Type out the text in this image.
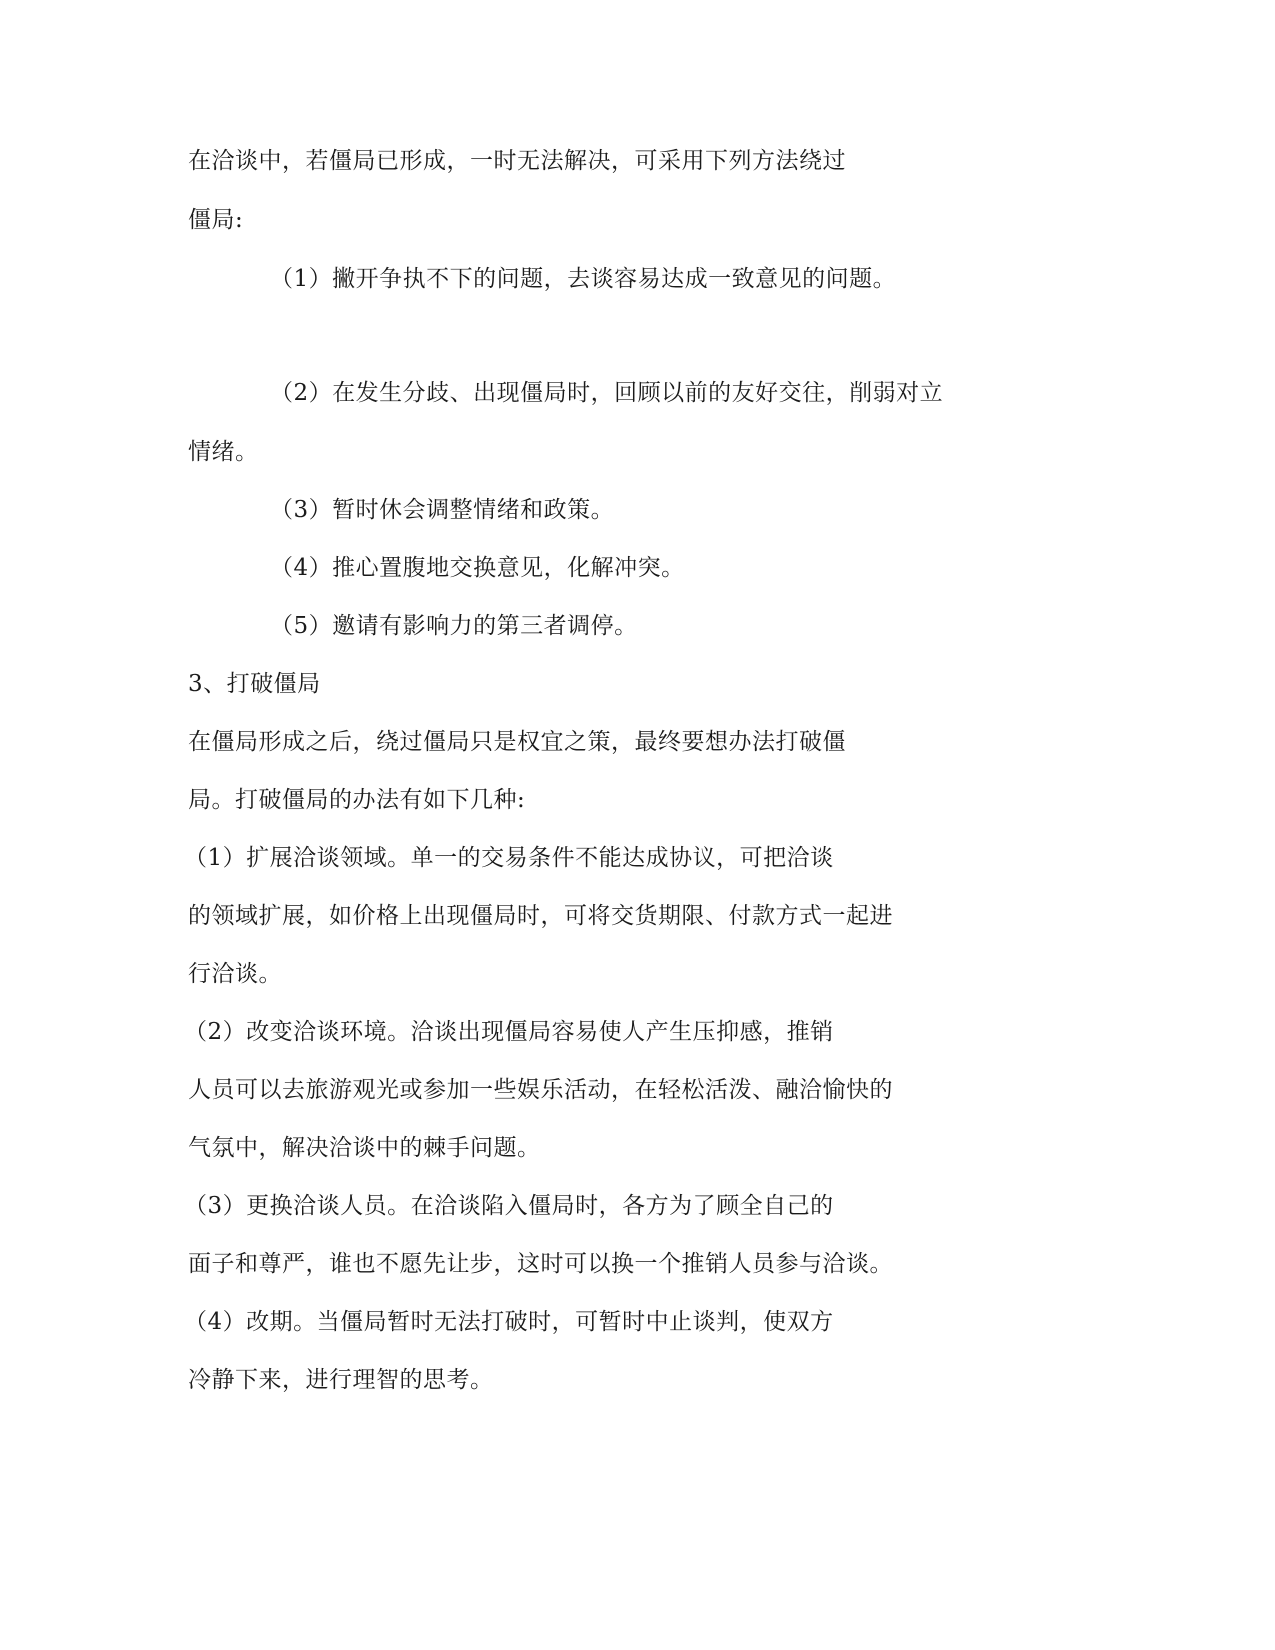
在洽谈中，若僵局已形成，一时无法解决，可采用下列方法绕过
僵局:
（1）撇开争执不下的问题，去谈容易达成一致意见的问题。
（2）在发生分歧、出现僵局时，回顾以前的友好交往，削弱对立
情绪。
（3）暂时休会调整情绪和政策。
（4）推心置腹地交换意见，化解冲突。
（5）邀请有影响力的第三者调停。
3、打破僵局
在僵局形成之后，绕过僵局只是权宜之策，最终要想办法打破僵
局。打破僵局的办法有如下几种:
（1）扩展洽谈领域。单一的交易条件不能达成协议，可把洽谈
的领域扩展，如价格上出现僵局时，可将交货期限、付款方式一起进
行洽谈。
（2）改变洽谈环境。洽谈出现僵局容易使人产生压抑感，推销
人员可以去旅游观光或参加一些娱乐活动，在轻松活泼、融洽愉快的
气氛中，解决洽谈中的棘手问题。
（3）更换洽谈人员。在洽谈陷入僵局时，各方为了顾全自己的
面子和尊严，谁也不愿先让步，这时可以换一个推销人员参与洽谈。
（4）改期。当僵局暂时无法打破时，可暂时中止谈判，使双方
冷静下来，进行理智的思考。
